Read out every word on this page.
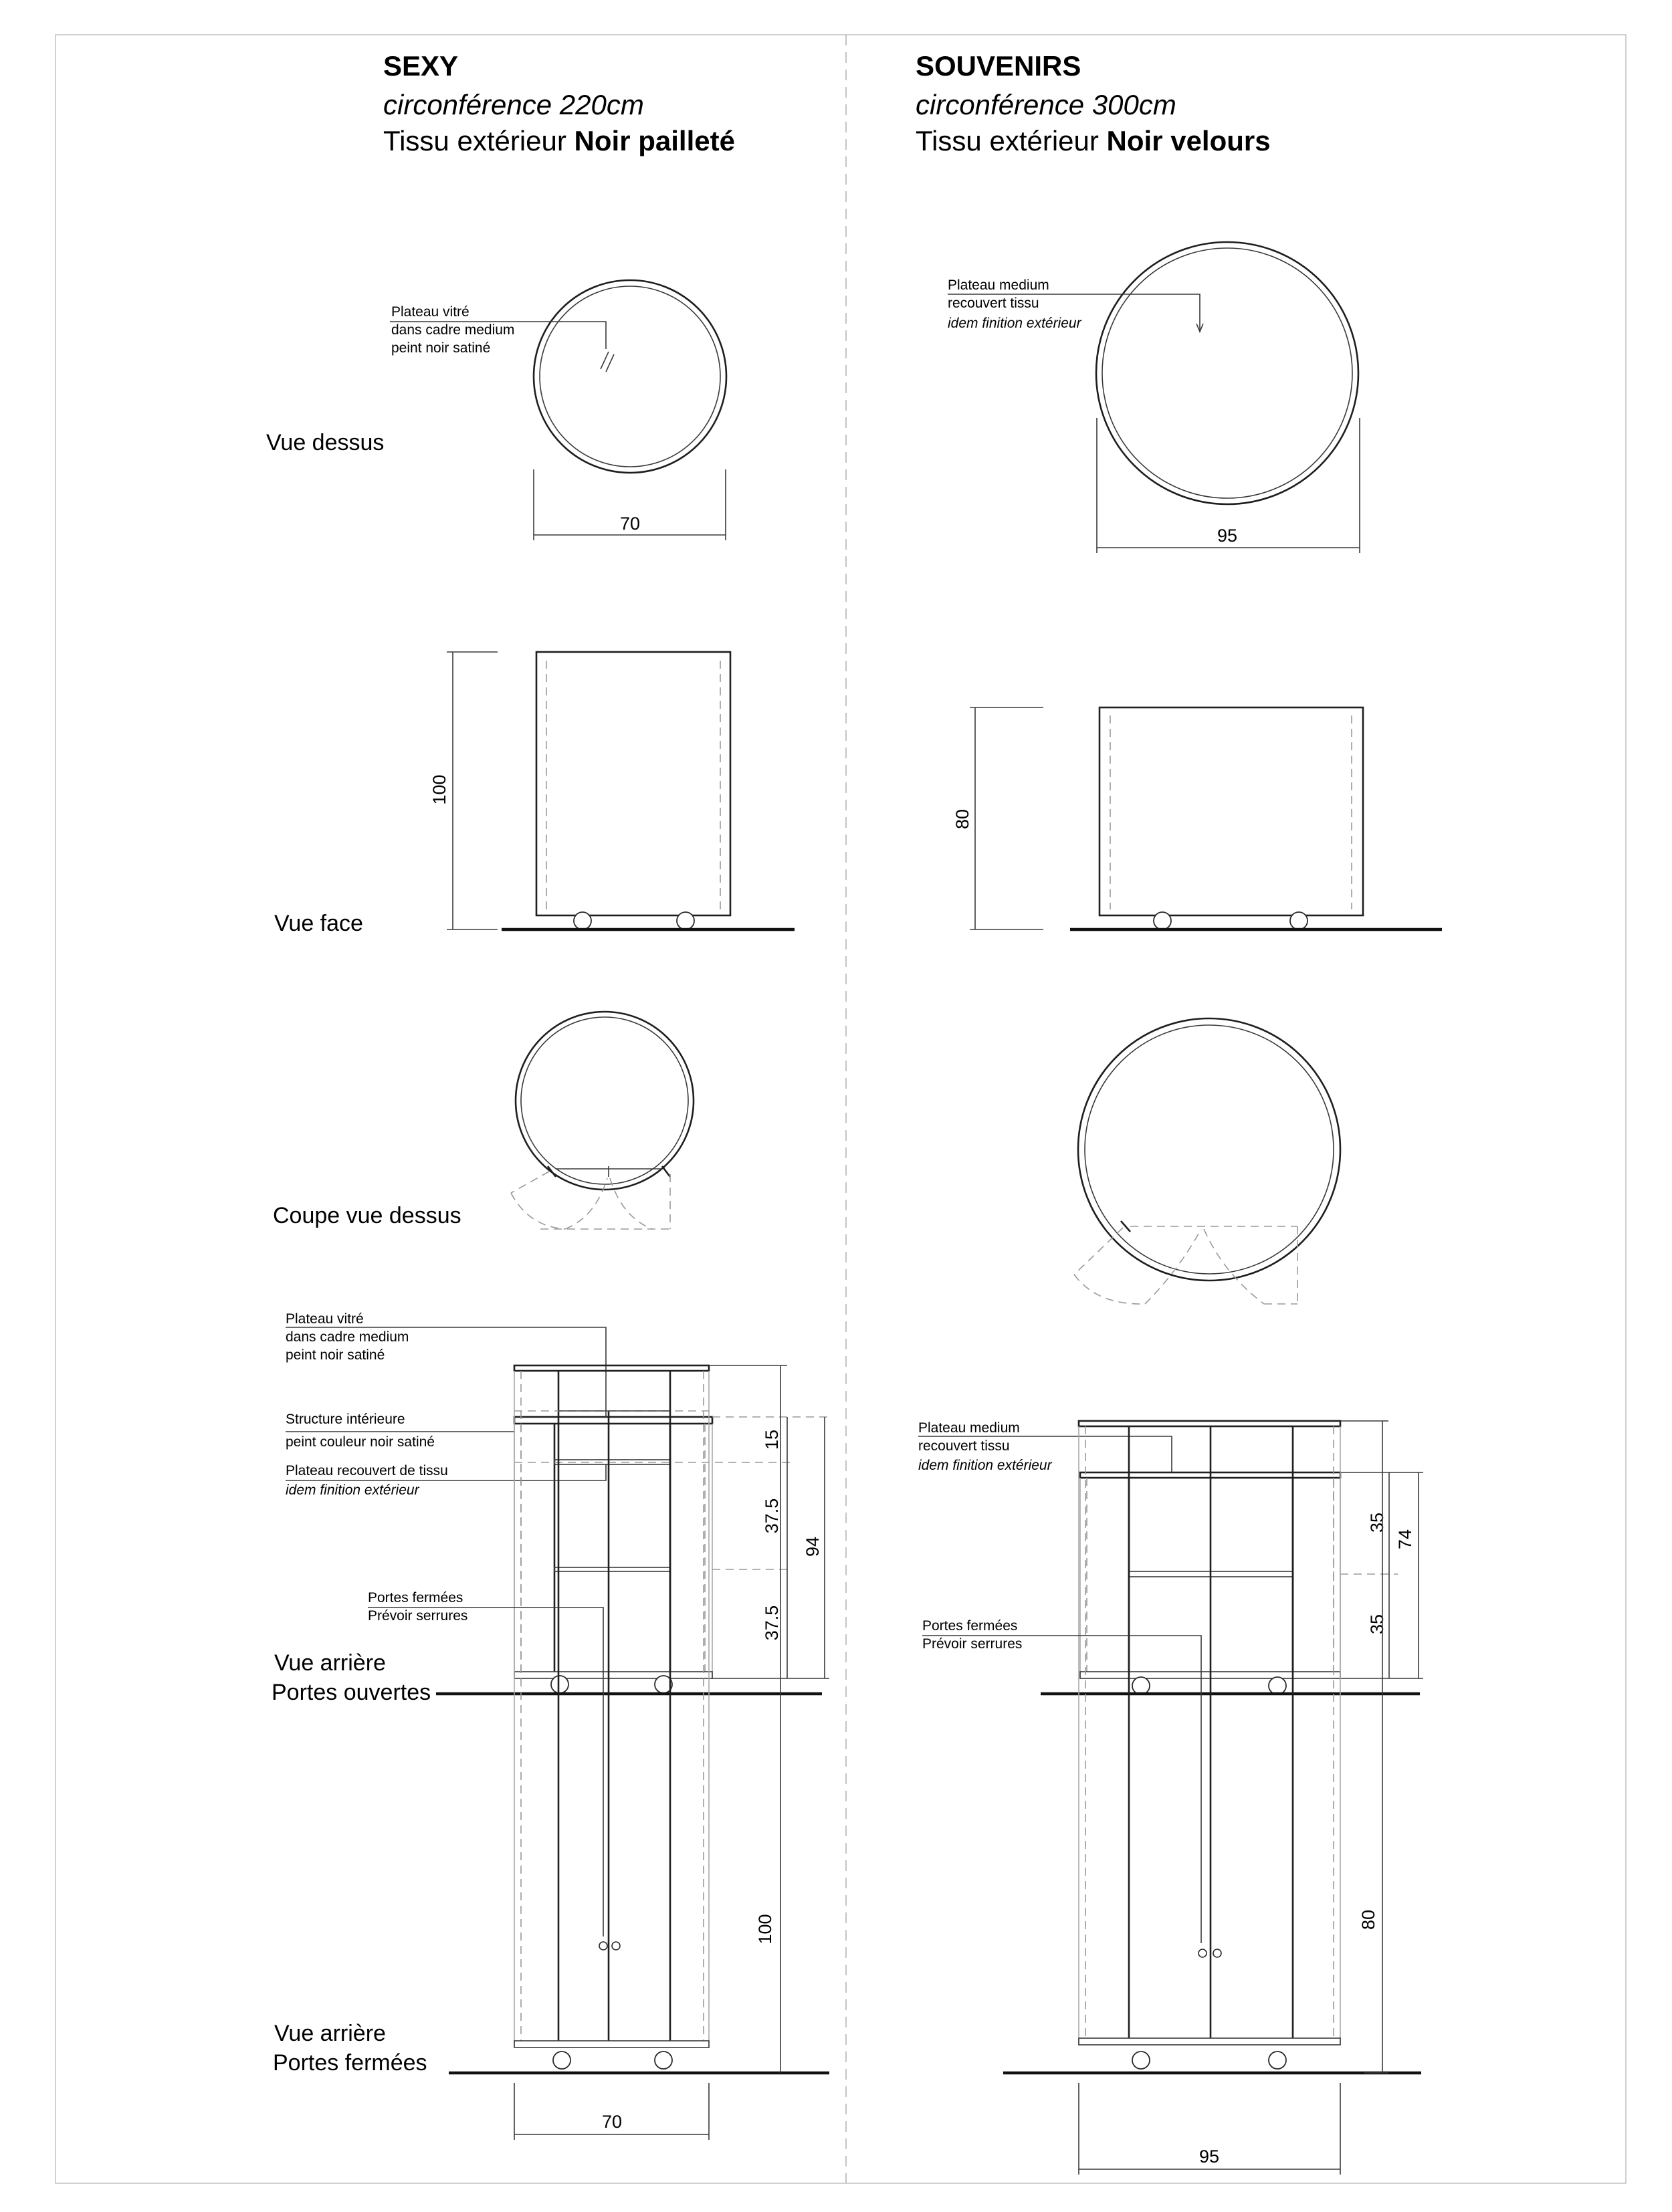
SEXY
circonférence 220cm
Tissu extérieur Noir pailleté
SOUVENIRS
circonférence 300cm
Tissu extérieur Noir velours
Vue dessus
Vue face
Coupe vue dessus
Vue arrière
Portes ouvertes
Vue arrière
Portes fermées
Plateau vitré
dans cadre medium
peint noir satiné
70
100
15
37.5
37.5
94
Plateau vitré
dans cadre medium
peint noir satiné
Structure intérieure
peint couleur noir satiné
Plateau recouvert de tissu
idem finition extérieur
100
70
Portes fermées
Prévoir serrures
Plateau medium
recouvert tissu
idem finition extérieur
95
80
35
35
74
Plateau medium
recouvert tissu
idem finition extérieur
80
95
Portes fermées
Prévoir serrures
